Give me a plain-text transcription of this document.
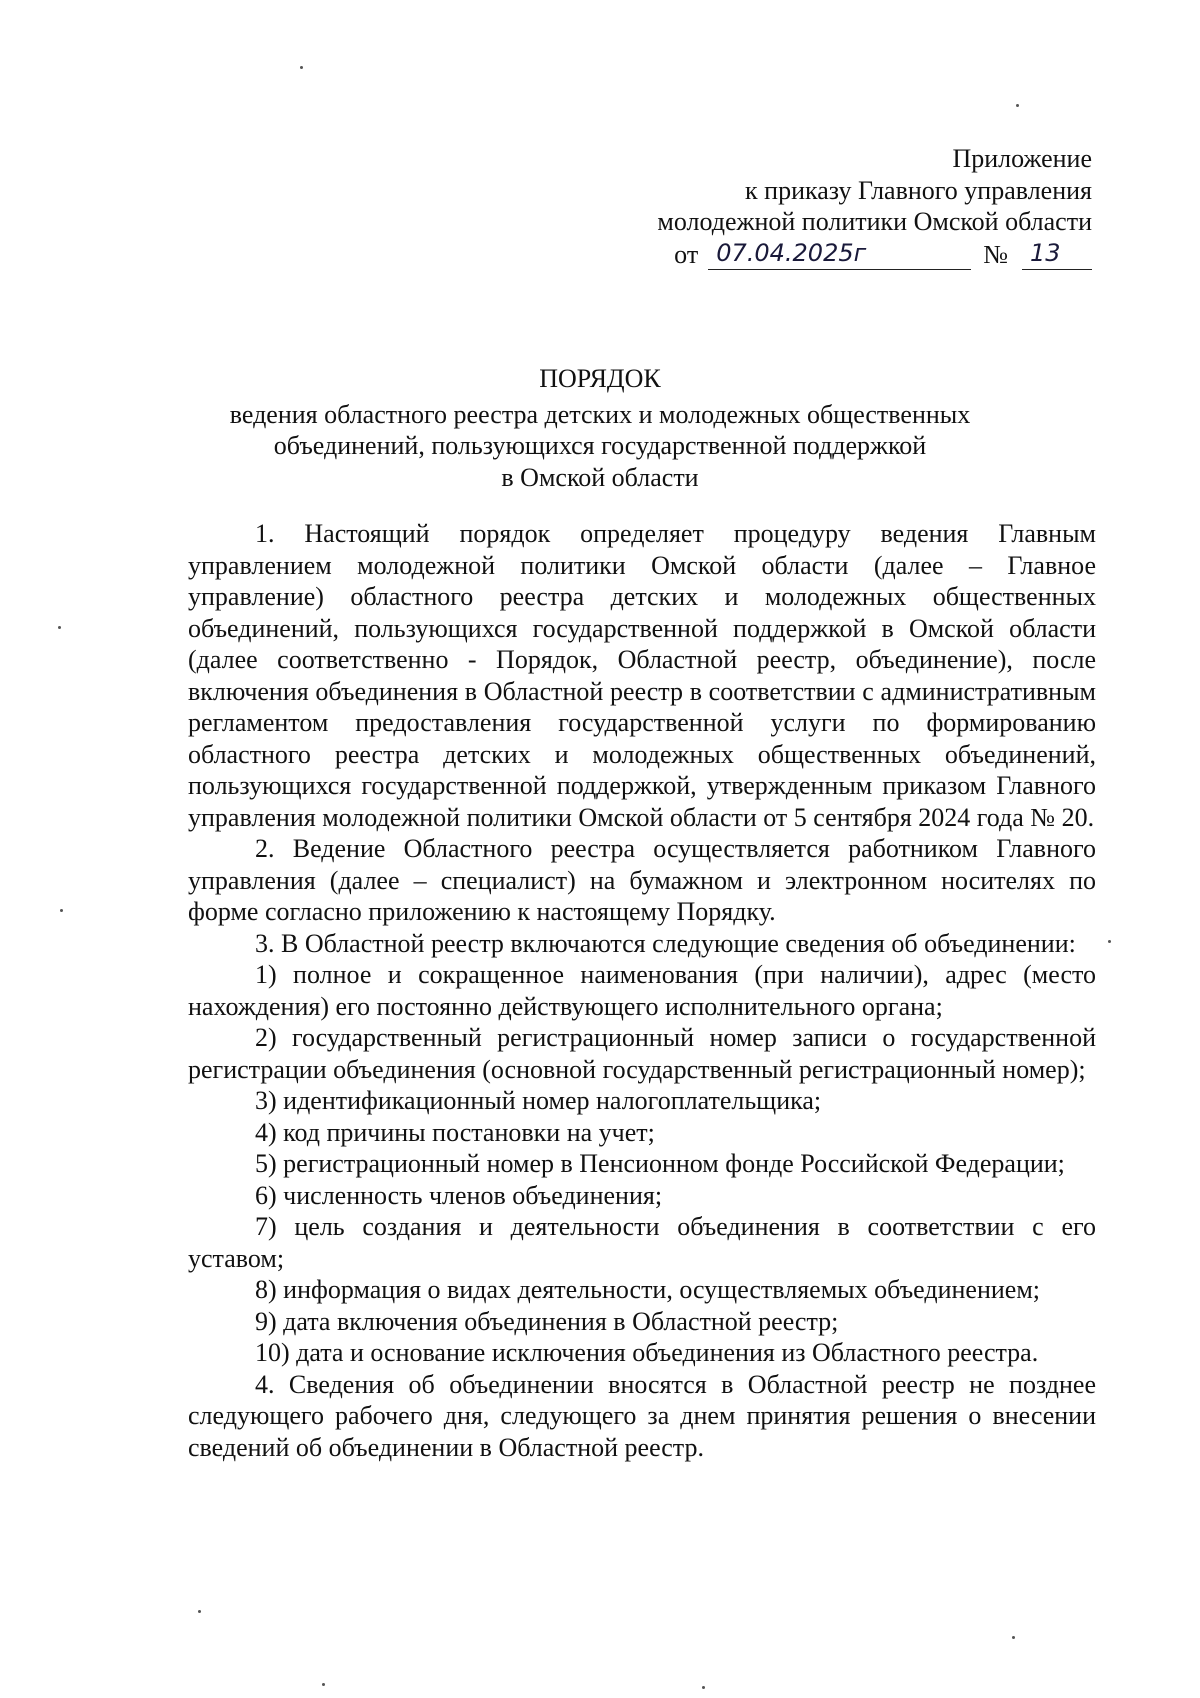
Приложение
к приказу Главного управления
молодежной политики Омской области
от 07.04.2025г	№ 13
ПОРЯДОК
ведения областного реестра детских и молодежных общественных
объединений, пользующихся государственной поддержкой
в Омской области

1. Настоящий порядок определяет процедуру ведения Главным управлением молодежной политики Омской области (далее – Главное управление) областного реестра детских и молодежных общественных объединений, пользующихся государственной поддержкой в Омской области (далее соответственно - Порядок, Областной реестр, объединение), после включения объединения в Областной реестр в соответствии с административным регламентом предоставления государственной услуги по формированию областного реестра детских и молодежных общественных объединений, пользующихся государственной поддержкой, утвержденным приказом Главного управления молодежной политики Омской области от 5 сентября 2024 года № 20.

2. Ведение Областного реестра осуществляется работником Главного управления (далее – специалист) на бумажном и электронном носителях по форме согласно приложению к настоящему Порядку.

3. В Областной реестр включаются следующие сведения об объединении:

1) полное и сокращенное наименования (при наличии), адрес (место нахождения) его постоянно действующего исполнительного органа;

2) государственный регистрационный номер записи о государственной регистрации объединения (основной государственный регистрационный номер);

3) идентификационный номер налогоплательщика;

4) код причины постановки на учет;

5) регистрационный номер в Пенсионном фонде Российской Федерации;

6) численность членов объединения;

7) цель создания и деятельности объединения в соответствии с его уставом;

8) информация о видах деятельности, осуществляемых объединением;

9) дата включения объединения в Областной реестр;

10) дата и основание исключения объединения из Областного реестра.

4. Сведения об объединении вносятся в Областной реестр не позднее следующего рабочего дня, следующего за днем принятия решения о внесении сведений об объединении в Областной реестр.
